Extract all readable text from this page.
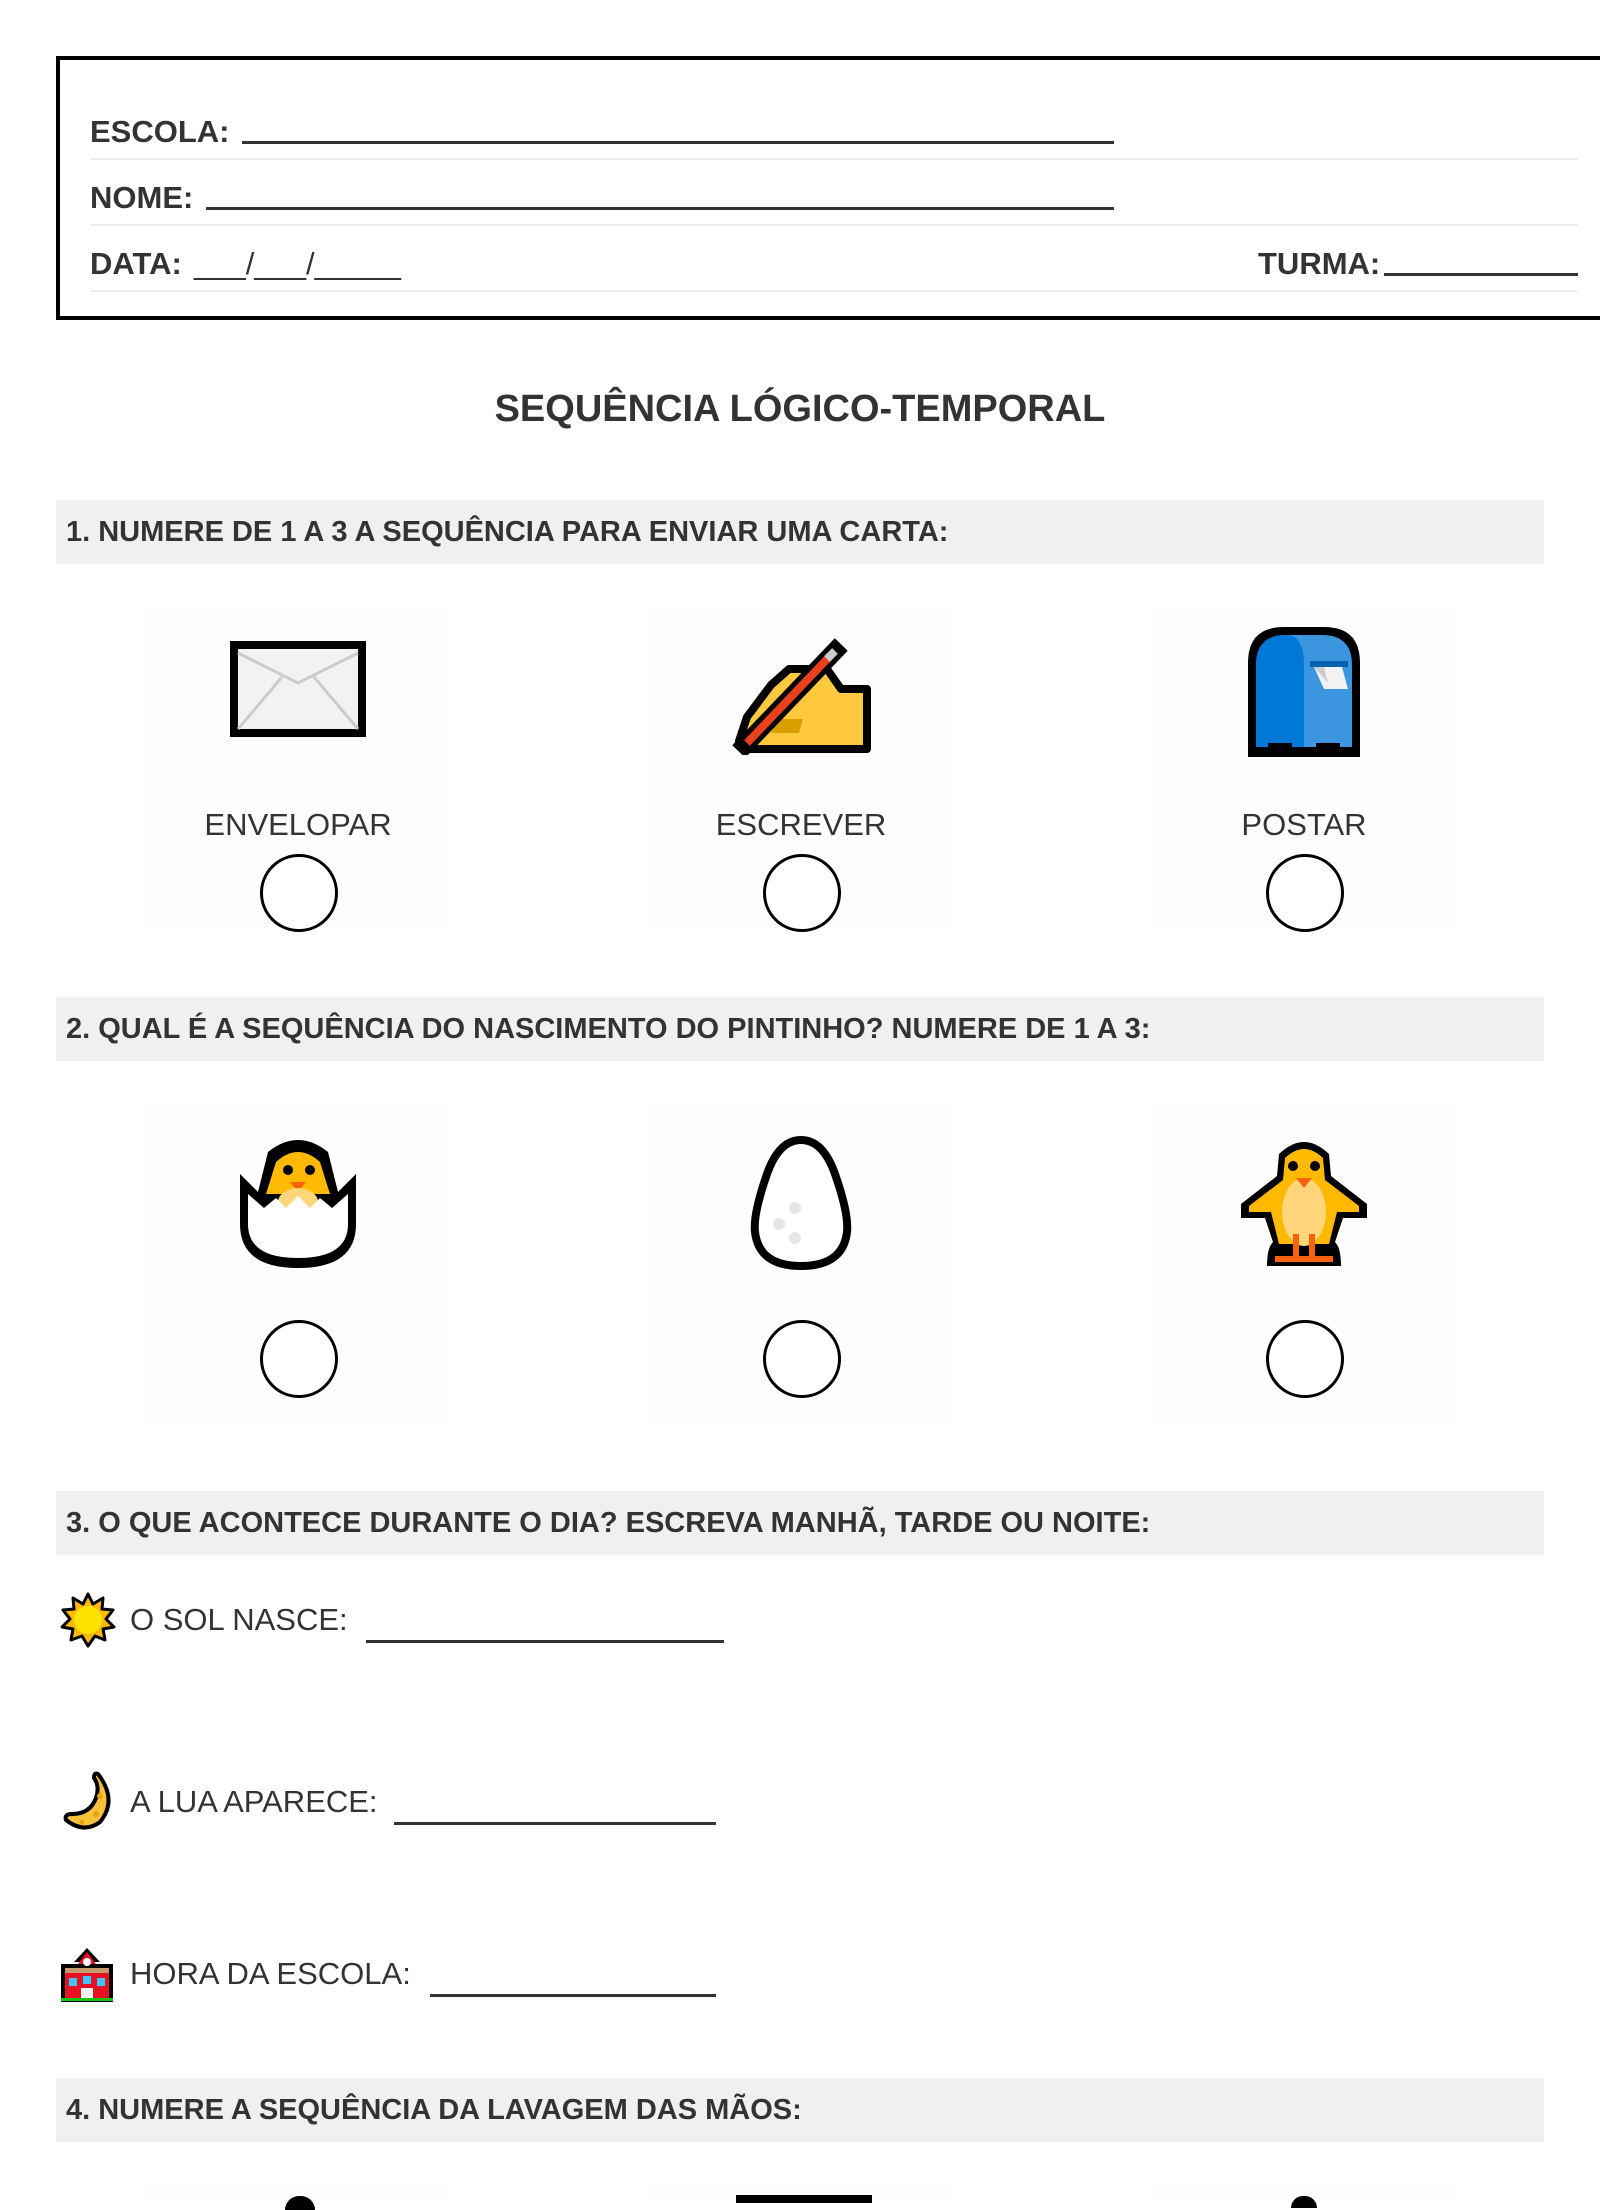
ESCOLA:
NOME:
DATA: ___/___/_____	TURMA:
SEQUÊNCIA LÓGICO-TEMPORAL
1. NUMERE DE 1 A 3 A SEQUÊNCIA PARA ENVIAR UMA CARTA:
ENVELOPAR	ESCREVER	POSTAR
2. QUAL É A SEQUÊNCIA DO NASCIMENTO DO PINTINHO? NUMERE DE 1 A 3:
3. O QUE ACONTECE DURANTE O DIA? ESCREVA MANHÃ, TARDE OU NOITE:
O SOL NASCE:
A LUA APARECE:
HORA DA ESCOLA:
4. NUMERE A SEQUÊNCIA DA LAVAGEM DAS MÃOS:
